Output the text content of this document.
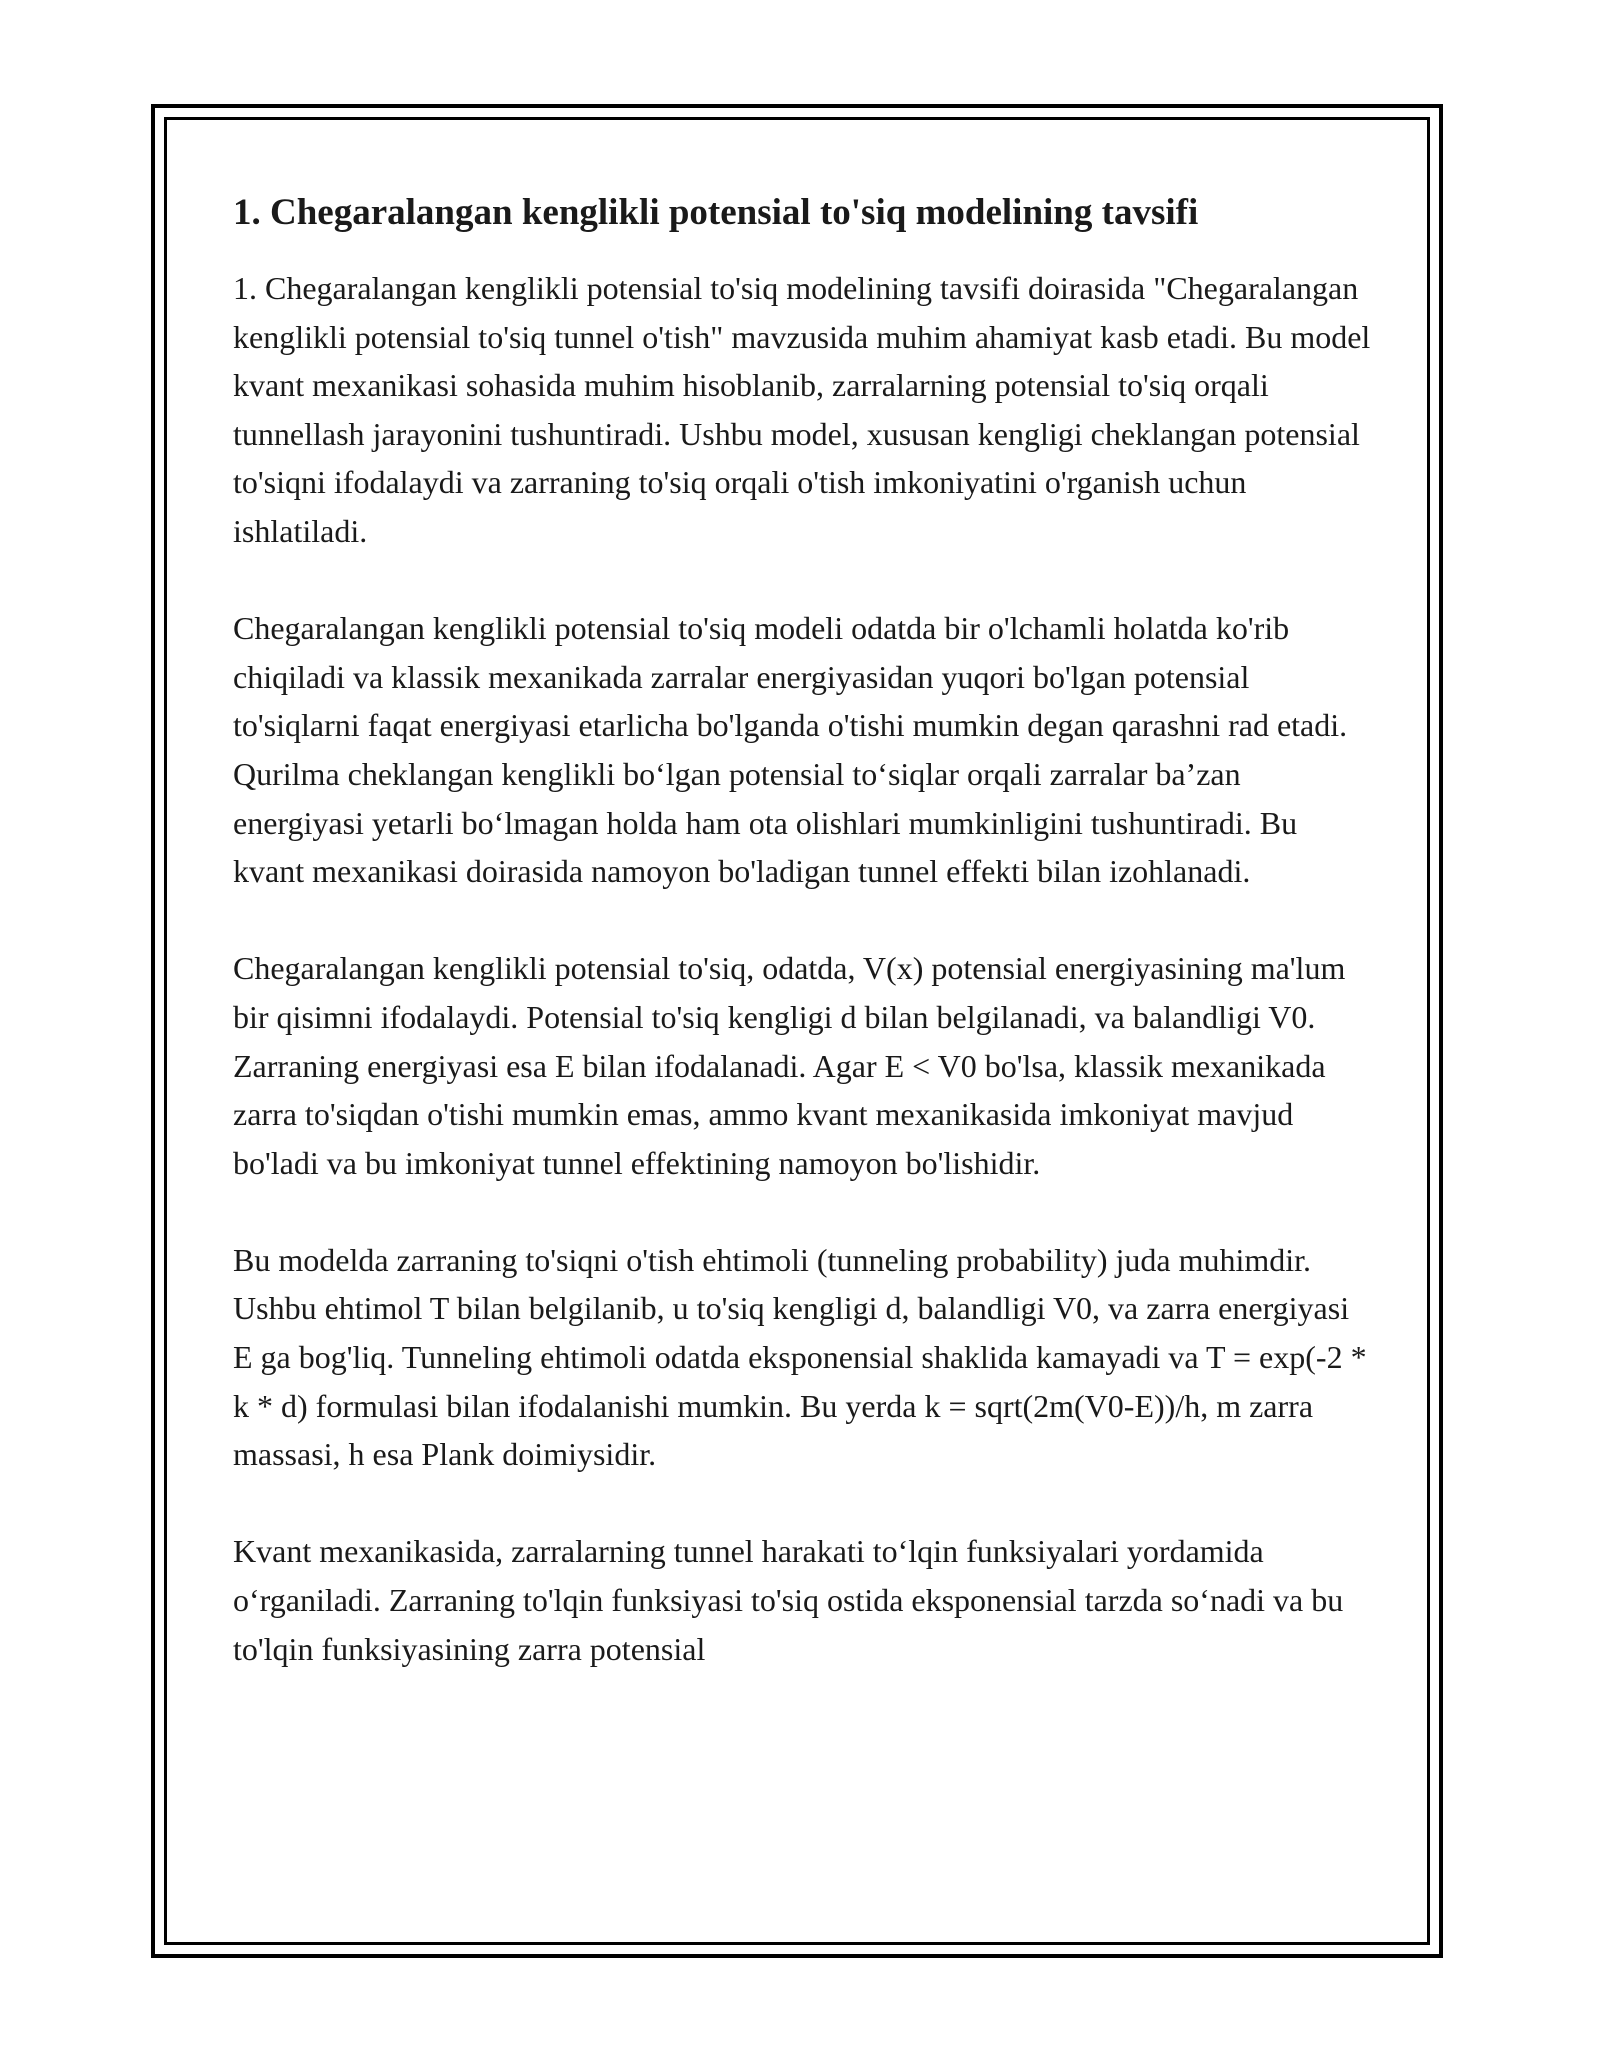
1. Chegaralangan kenglikli potensial to'siq modelining tavsifi

1. Chegaralangan kenglikli potensial to'siq modelining tavsifi doirasida "Chegaralangan kenglikli potensial to'siq tunnel o'tish" mavzusida muhim ahamiyat kasb etadi. Bu model kvant mexanikasi sohasida muhim hisoblanib, zarralarning potensial to'siq orqali tunnellash jarayonini tushuntiradi. Ushbu model, xususan kengligi cheklangan potensial to'siqni ifodalaydi va zarraning to'siq orqali o'tish imkoniyatini o'rganish uchun ishlatiladi.

Chegaralangan kenglikli potensial to'siq modeli odatda bir o'lchamli holatda ko'rib chiqiladi va klassik mexanikada zarralar energiyasidan yuqori bo'lgan potensial to'siqlarni faqat energiyasi etarlicha bo'lganda o'tishi mumkin degan qarashni rad etadi. Qurilma cheklangan kenglikli boʻlgan potensial toʻsiqlar orqali zarralar baʼzan energiyasi yetarli boʻlmagan holda ham ota olishlari mumkinligini tushuntiradi. Bu kvant mexanikasi doirasida namoyon bo'ladigan tunnel effekti bilan izohlanadi.

Chegaralangan kenglikli potensial to'siq, odatda, V(x) potensial energiyasining ma'lum bir qisimni ifodalaydi. Potensial to'siq kengligi d bilan belgilanadi, va balandligi V0. Zarraning energiyasi esa E bilan ifodalanadi. Agar E < V0 bo'lsa, klassik mexanikada zarra to'siqdan o'tishi mumkin emas, ammo kvant mexanikasida imkoniyat mavjud bo'ladi va bu imkoniyat tunnel effektining namoyon bo'lishidir.

Bu modelda zarraning to'siqni o'tish ehtimoli (tunneling probability) juda muhimdir. Ushbu ehtimol T bilan belgilanib, u to'siq kengligi d, balandligi V0, va zarra energiyasi E ga bog'liq. Tunneling ehtimoli odatda eksponensial shaklida kamayadi va T = exp(-2 * k * d) formulasi bilan ifodalanishi mumkin. Bu yerda k = sqrt(2m(V0-E))/h, m zarra massasi, h esa Plank doimiysidir.

Kvant mexanikasida, zarralarning tunnel harakati toʻlqin funksiyalari yordamida oʻrganiladi. Zarraning to'lqin funksiyasi to'siq ostida eksponensial tarzda soʻnadi va bu to'lqin funksiyasining zarra potensial
